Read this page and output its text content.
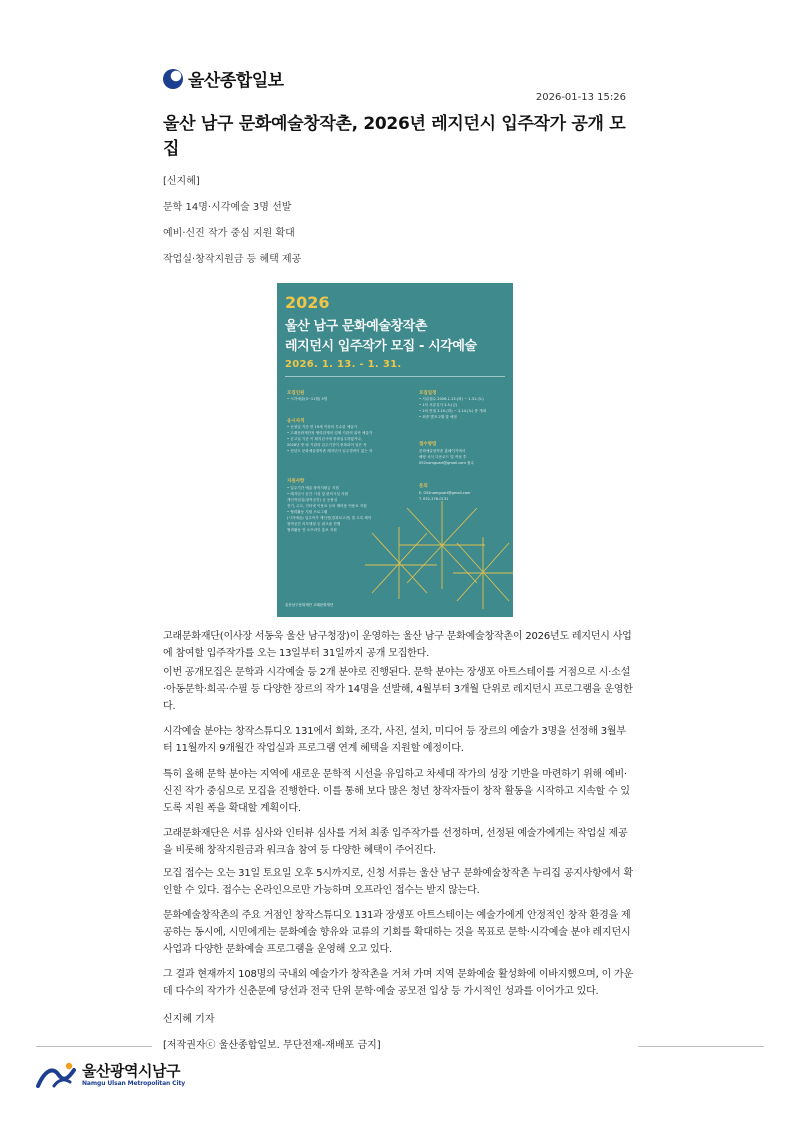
울산종합일보
2026-01-13 15:26
울산 남구 문화예술창작촌, 2026년 레지던시 입주작가 공개 모집
[신지혜]
문학 14명·시각예술 3명 선발
예비·신진 작가 중심 지원 확대
작업실·창작지원금 등 혜택 제공
2026
울산 남구 문화예술창작촌
레지던시 입주작가 모집 - 시각예술
2026. 1. 13. - 1. 31.
모집인원
• 시각예술(3~11월) 3명
응시자격
• 신청일 기준 만 19세 이상의 우수한 예술가
• 고래문화재단과 협력관계의 업체 기관의 위탁 예술가
• 공고일 기준 이 레지던시에 중복입주하였거나,
2026년 중 타 기관과 입주기간이 중복되어 일은 자
• 현년도 문화예술창작촌 레지던시 입주경력이 없는 자
지원사항
• 입주기간 예술 창작지원금 지원
• 레지던시 공간 시설 및 편의시설 지원
개인작업실(창작공간) 등 공용실
전기, 수도, 인터넷 이용료 등의 제비용 이용료 지원
• 협력활동 지원 프로그램
(시각예술) 입주작가 개인전(결과보고전) 및 도록 제작
창작공간 리모델링 등 워크숍 진행
협력활동 전 오프라인 홍보 지원
모집일정
• 서류접수 2026.1.13.(화) ~ 1.31.(토)
• 1차 서류심사 2.5.(금)
• 2차 면접 2.10.(화) ~ 2.14.(토) 중 개최
• 최종 발표 2월 말 예정
접수방법
문화예술창작촌 홈페이지에서
해당 서식 다운로드 및 작성 후
052namguart@gmail.com 접수
문의
E. 052namguart@gmail.com
T. 052-276-0131
울산남구문화재단 고래문화재단

고래문화재단(이사장 서동욱 울산 남구청장)이 운영하는 울산 남구 문화예술창작촌이 2026년도 레지던시 사업에 참여할 입주작가를 오는 13일부터 31일까지 공개 모집한다.

이번 공개모집은 문학과 시각예술 등 2개 분야로 진행된다. 문학 분야는 장생포 아트스테이를 거점으로 시·소설·아동문학·희곡·수필 등 다양한 장르의 작가 14명을 선발해, 4월부터 3개월 단위로 레지던시 프로그램을 운영한다.

시각예술 분야는 창작스튜디오 131에서 회화, 조각, 사진, 설치, 미디어 등 장르의 예술가 3명을 선정해 3월부터 11월까지 9개월간 작업실과 프로그램 연계 혜택을 지원할 예정이다.

특히 올해 문학 분야는 지역에 새로운 문학적 시선을 유입하고 차세대 작가의 성장 기반을 마련하기 위해 예비·신진 작가 중심으로 모집을 진행한다. 이를 통해 보다 많은 청년 창작자들이 창작 활동을 시작하고 지속할 수 있도록 지원 폭을 확대할 계획이다.

고래문화재단은 서류 심사와 인터뷰 심사를 거쳐 최종 입주작가를 선정하며, 선정된 예술가에게는 작업실 제공을 비롯해 창작지원금과 워크숍 참여 등 다양한 혜택이 주어진다.

모집 접수는 오는 31일 토요일 오후 5시까지로, 신청 서류는 울산 남구 문화예술창작촌 누리집 공지사항에서 확인할 수 있다. 접수는 온라인으로만 가능하며 오프라인 접수는 받지 않는다.

문화예술창작촌의 주요 거점인 창작스튜디오 131과 장생포 아트스테이는 예술가에게 안정적인 창작 환경을 제공하는 동시에, 시민에게는 문화예술 향유와 교류의 기회를 확대하는 것을 목표로 문학·시각예술 분야 레지던시 사업과 다양한 문화예술 프로그램을 운영해 오고 있다.

그 결과 현재까지 108명의 국내외 예술가가 창작촌을 거쳐 가며 지역 문화예술 활성화에 이바지했으며, 이 가운데 다수의 작가가 신춘문예 당선과 전국 단위 문학·예술 공모전 입상 등 가시적인 성과를 이어가고 있다.

신지혜 기자
[저작권자ⓒ 울산종합일보. 무단전재-재배포 금지]
울산광역시남구
Namgu Ulsan Metropolitan City
